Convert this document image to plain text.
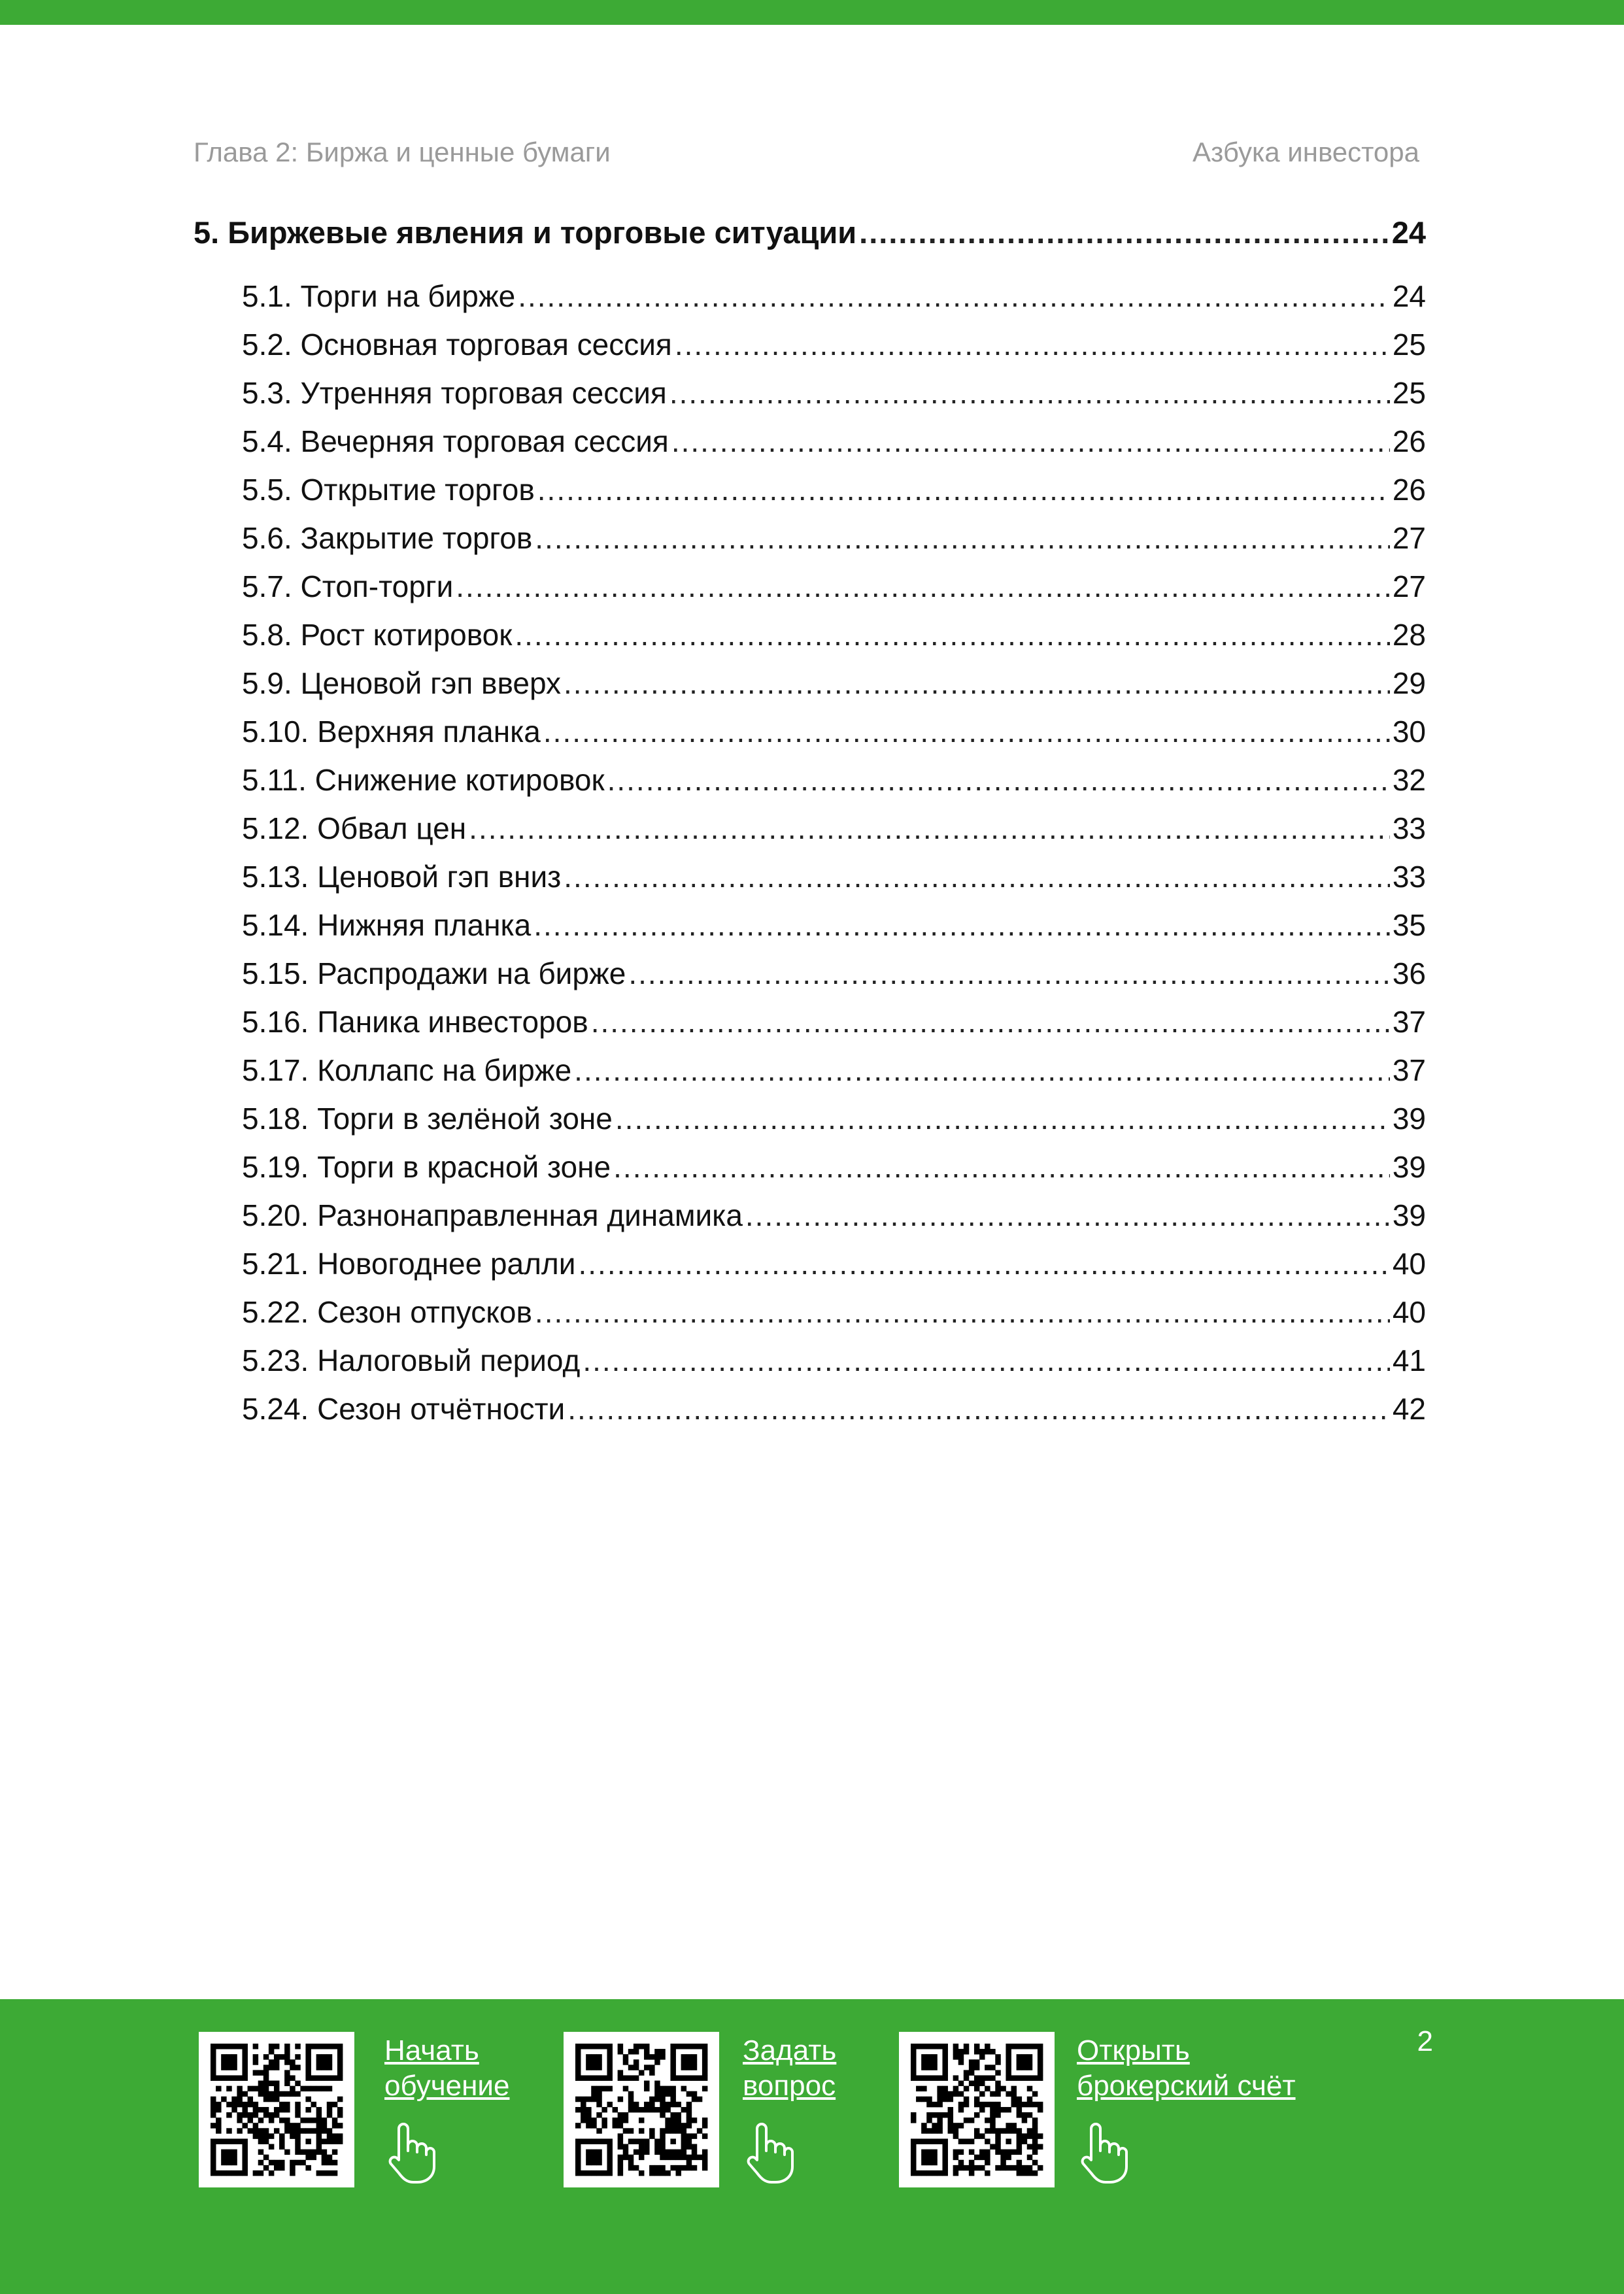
Глава 2: Биржа и ценные бумаги	Азбука инвестора
5. Биржевые явления и торговые ситуации .....	24
5.1. Торги на бирже .....	24
5.2. Основная торговая сессия .....	25
5.3. Утренняя торговая сессия .....	25
5.4. Вечерняя торговая сессия .....	26
5.5. Открытие торгов .....	26
5.6. Закрытие торгов .....	27
5.7. Стоп-торги .....	27
5.8. Рост котировок .....	28
5.9. Ценовой гэп вверх .....	29
5.10. Верхняя планка .....	30
5.11. Снижение котировок .....	32
5.12. Обвал цен .....	33
5.13. Ценовой гэп вниз .....	33
5.14. Нижняя планка .....	35
5.15. Распродажи на бирже .....	36
5.16. Паника инвесторов .....	37
5.17. Коллапс на бирже .....	37
5.18. Торги в зелёной зоне .....	39
5.19. Торги в красной зоне .....	39
5.20. Разнонаправленная динамика .....	39
5.21. Новогоднее ралли .....	40
5.22. Сезон отпусков .....	40
5.23. Налоговый период .....	41
5.24. Сезон отчётности .....	42
Начать
обучение
Задать
вопрос
Открыть
брокерский счёт
2
